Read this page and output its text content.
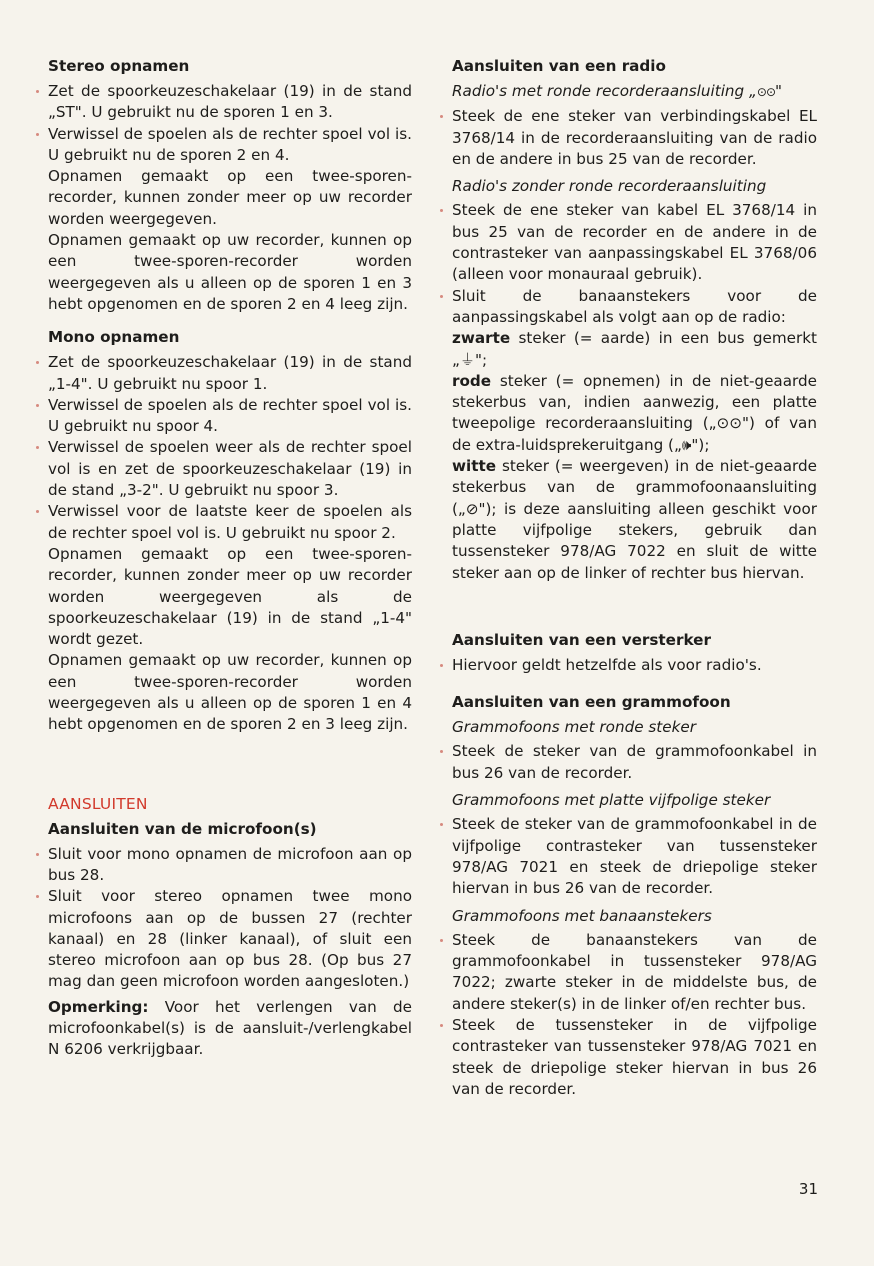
Stereo opnamen

Zet de spoorkeuzeschakelaar (19) in de stand „ST". U gebruikt nu de sporen 1 en 3.

Verwissel de spoelen als de rechter spoel vol is. U gebruikt nu de sporen 2 en 4.

Opnamen gemaakt op een twee-sporen-recorder, kunnen zonder meer op uw recorder worden weergegeven.

Opnamen gemaakt op uw recorder, kunnen op een twee-sporen-recorder worden weergegeven als u alleen op de sporen 1 en 3 hebt opgenomen en de sporen 2 en 4 leeg zijn.

Mono opnamen

Zet de spoorkeuzeschakelaar (19) in de stand „1-4". U gebruikt nu spoor 1.

Verwissel de spoelen als de rechter spoel vol is. U gebruikt nu spoor 4.

Verwissel de spoelen weer als de rechter spoel vol is en zet de spoorkeuzeschakelaar (19) in de stand „3-2". U gebruikt nu spoor 3.

Verwissel voor de laatste keer de spoelen als de rechter spoel vol is. U gebruikt nu spoor 2.

Opnamen gemaakt op een twee-sporen-recorder, kunnen zonder meer op uw recorder worden weergegeven als de spoorkeuzeschakelaar (19) in de stand „1-4" wordt gezet.

Opnamen gemaakt op uw recorder, kunnen op een twee-sporen-recorder worden weergegeven als u alleen op de sporen 1 en 4 hebt opgenomen en de sporen 2 en 3 leeg zijn.

AANSLUITEN
Aansluiten van de microfoon(s)

Sluit voor mono opnamen de microfoon aan op bus 28.

Sluit voor stereo opnamen twee mono microfoons aan op de bussen 27 (rechter kanaal) en 28 (linker kanaal), of sluit een stereo microfoon aan op bus 28. (Op bus 27 mag dan geen microfoon worden aangesloten.)

Opmerking: Voor het verlengen van de microfoonkabel(s) is de aansluit-/verlengkabel N 6206 verkrijgbaar.

Aansluiten van een radio

Radio's met ronde recorderaansluiting „⊙⊙"

Steek de ene steker van verbindingskabel EL 3768/14 in de recorderaansluiting van de radio en de andere in bus 25 van de recorder.

Radio's zonder ronde recorderaansluiting

Steek de ene steker van kabel EL 3768/14 in bus 25 van de recorder en de andere in de contrasteker van aanpassingskabel EL 3768/06 (alleen voor monauraal gebruik).

Sluit de banaanstekers voor de aanpassingskabel als volgt aan op de radio:

zwarte steker (= aarde) in een bus gemerkt „⏚";

rode steker (= opnemen) in de niet-geaarde stekerbus van, indien aanwezig, een platte tweepolige recorderaansluiting („⊙⊙") of van de extra-luidsprekeruitgang („🕪");

witte steker (= weergeven) in de niet-geaarde stekerbus van de grammofoonaansluiting („⊘"); is deze aansluiting alleen geschikt voor platte vijfpolige stekers, gebruik dan tussensteker 978/AG 7022 en sluit de witte steker aan op de linker of rechter bus hiervan.

Aansluiten van een versterker

Hiervoor geldt hetzelfde als voor radio's.

Aansluiten van een grammofoon

Grammofoons met ronde steker

Steek de steker van de grammofoonkabel in bus 26 van de recorder.

Grammofoons met platte vijfpolige steker

Steek de steker van de grammofoonkabel in de vijfpolige contrasteker van tussensteker 978/AG 7021 en steek de driepolige steker hiervan in bus 26 van de recorder.

Grammofoons met banaanstekers

Steek de banaanstekers van de grammofoonkabel in tussensteker 978/AG 7022; zwarte steker in de middelste bus, de andere steker(s) in de linker of/en rechter bus.

Steek de tussensteker in de vijfpolige contrasteker van tussensteker 978/AG 7021 en steek de driepolige steker hiervan in bus 26 van de recorder.

31
